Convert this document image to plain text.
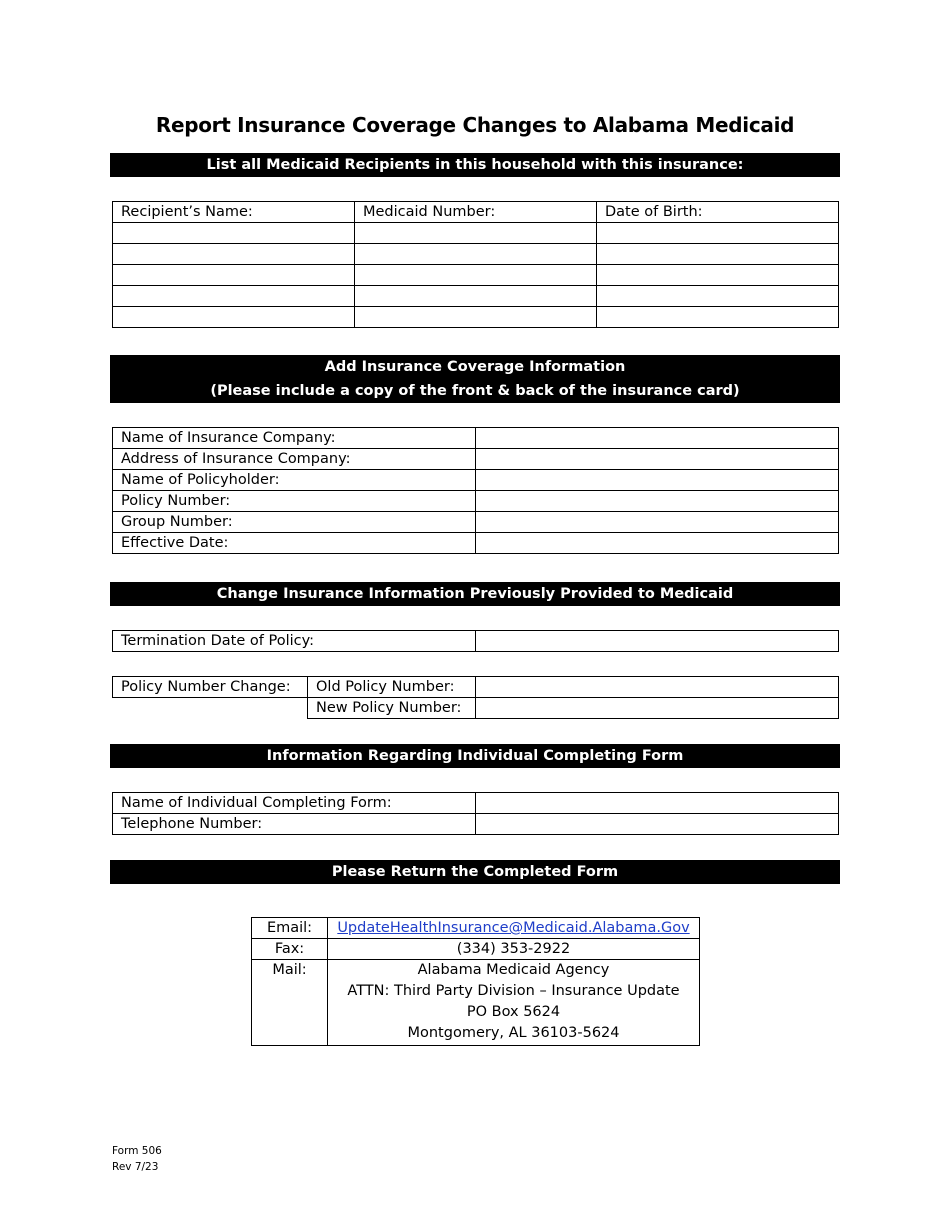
Report Insurance Coverage Changes to Alabama Medicaid
List all Medicaid Recipients in this household with this insurance:
Recipient’s Name:	Medicaid Number:	Date of Birth:

Add Insurance Coverage Information
(Please include a copy of the front & back of the insurance card)
Name of Insurance Company:	
Address of Insurance Company:	
Name of Policyholder:	
Policy Number:	
Group Number:	
Effective Date:	
Change Insurance Information Previously Provided to Medicaid
Termination Date of Policy:	
Policy Number Change:	Old Policy Number:	
	New Policy Number:	
Information Regarding Individual Completing Form
Name of Individual Completing Form:	
Telephone Number:	
Please Return the Completed Form
Email:	UpdateHealthInsurance@Medicaid.Alabama.Gov
Fax:	(334) 353-2922
Mail:	Alabama Medicaid Agency
ATTN: Third Party Division – Insurance Update
PO Box 5624
Montgomery, AL 36103-5624
Form 506
Rev 7/23
